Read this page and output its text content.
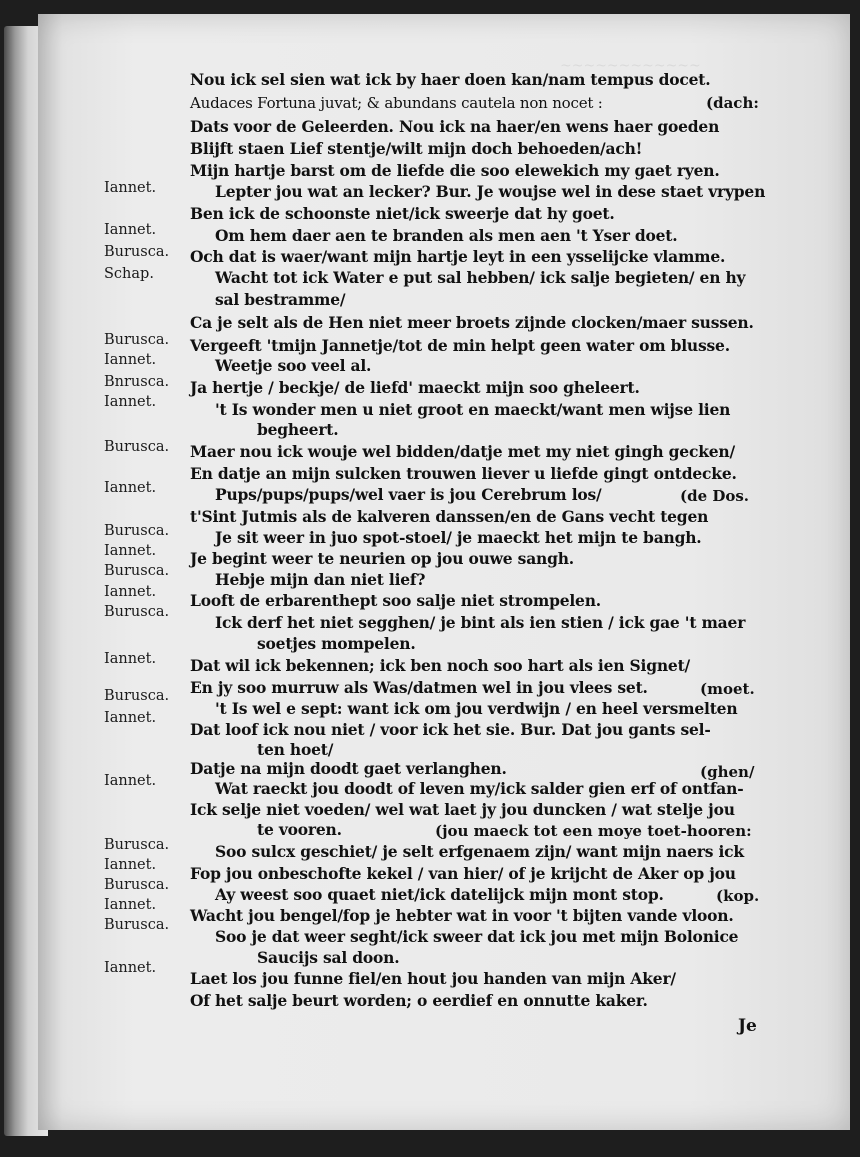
~~~~~~~~~~~~
Nou ick sel sien wat ick by haer doen kan/nam tempus docet.
Audaces Fortuna juvat; & abundans cautela non nocet :	(dach:
Dats voor de Geleerden. Nou ick na haer/en wens haer goeden
Blijft staen Lief stentje/wilt mijn doch behoeden/ach!
Mijn hartje barst om de liefde die soo elewekich my gaet ryen.
Iannet.	Lepter jou wat an lecker? Bur. Je woujse wel in dese staet vrypen
Ben ick de schoonste niet/ick sweerje dat hy goet.
Iannet.	Om hem daer aen te branden als men aen 't Yser doet.
Burusca. Och dat is waer/want mijn hartje leyt in een ysselijcke vlamme.
Schap.	Wacht tot ick Water e put sal hebben/ ick salje begieten/ en hy
sal bestramme/
Ca je selt als de Hen niet meer broets zijnde clocken/maer sussen.
Burusca. Vergeeft 'tmijn Jannetje/tot de min helpt geen water om blusse.
Iannet.	Weetje soo veel al.
Bnrusca. Ja hertje / beckje/ de liefd' maeckt mijn soo gheleert.
Iannet.	't Is wonder men u niet groot en maeckt/want men wijse lien
begheert.
Burusca. Maer nou ick wouje wel bidden/datje met my niet gingh gecken/
En datje an mijn sulcken trouwen liever u liefde gingt ontdecke.
Iannet.	Pups/pups/pups/wel vaer is jou Cerebrum los/	(de Dos.
t'Sint Jutmis als de kalveren danssen/en de Gans vecht tegen
Burusca.	Je sit weer in juo spot-stoel/ je maeckt het mijn te bangh.
Iannet. Je begint weer te neurien op jou ouwe sangh.
Burusca.	Hebje mijn dan niet lief?
Iannet. Looft de erbarenthept soo salje niet strompelen.
Burusca.
Ick derf het niet segghen/ je bint als ien stien / ick gae 't maer
soetjes mompelen.
Iannet. Dat wil ick bekennen; ick ben noch soo hart als ien Signet/
En jy soo murruw als Was/datmen wel in jou vlees set.	(moet.
Burusca.
't Is wel e sept: want ick om jou verdwijn / en heel versmelten
Iannet.
Dat loof ick nou niet / voor ick het sie. Bur. Dat jou gants sel-
ten hoet/
Datje na mijn doodt gaet verlanghen.	(ghen/
Iannet.	Wat raeckt jou doodt of leven my/ick salder gien erf of ontfan-
Ick selje niet voeden/ wel wat laet jy jou duncken / wat steljе jou
te vooren.	(jou maeck tot een moye toet-hooren:
Burusca.	Soo sulcx geschiet/ je selt erfgenaem zijn/ want mijn naers ick
Iannet. Fop jou onbeschofte kekel / van hier/ of je krijcht de Aker op jou
Burusca.	Ay weest soo quaet niet/ick datelijck mijn mont stop.	(kop.
Iannet.
Wacht jou bengel/fop je hebter wat in voor 't bijten vande vloon.
Burusca.
Soo je dat weer seght/ick sweer dat ick jou met mijn Bolonice
Saucijs sal doon.
Iannet.
Laet los jou funne fiel/en hout jou handen van mijn Aker/
Of het salje beurt worden; o eerdief en onnutte kaker.
Je
